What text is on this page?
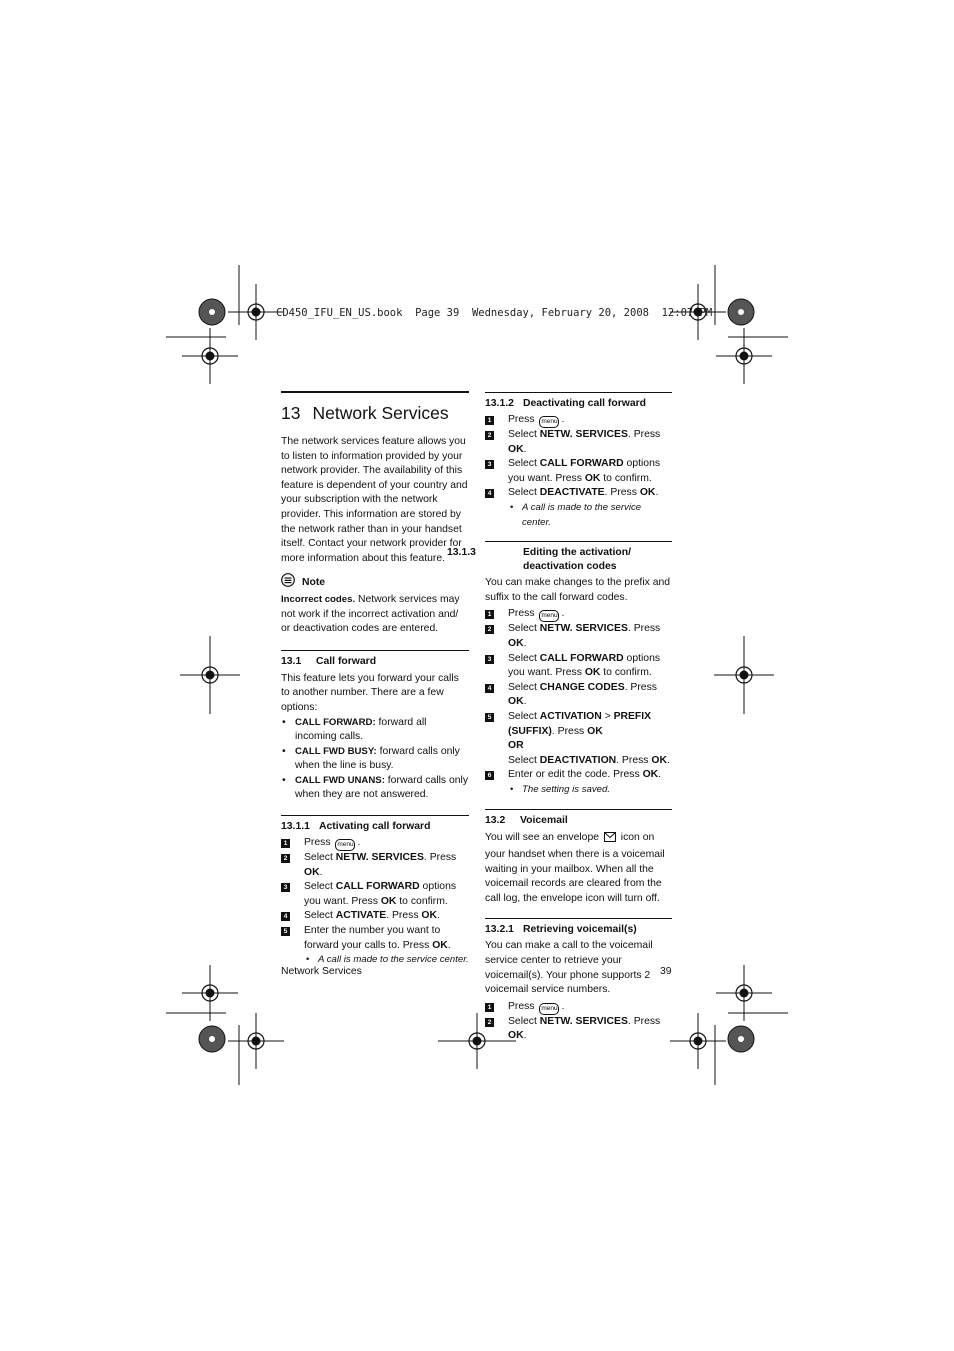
CD450_IFU_EN_US.book  Page 39  Wednesday, February 20, 2008  12:07 PM
13 Network Services

The network services feature allows you to listen to information provided by your network provider. The availability of this feature is dependent of your country and your subscription with the network provider. This information are stored by the network rather than in your handset itself. Contact your network provider for more information about this feature.

Note

Incorrect codes. Network services may not work if the incorrect activation and/ or deactivation codes are entered.

13.1 Call forward

This feature lets you forward your calls to another number. There are a few options:

• CALL FORWARD: forward all incoming calls.
• CALL FWD BUSY: forward calls only when the line is busy.
• CALL FWD UNANS: forward calls only when they are not answered.
13.1.1 Activating call forward
1 Press menu .
2 Select NETW. SERVICES. Press OK.
3 Select CALL FORWARD options you want. Press OK to confirm.
4 Select ACTIVATE. Press OK.
5 Enter the number you want to forward your calls to. Press OK.
• A call is made to the service center.
13.1.2 Deactivating call forward
1 Press menu .
2 Select NETW. SERVICES. Press OK.
3 Select CALL FORWARD options you want. Press OK to confirm.
4 Select DEACTIVATE. Press OK.
• A call is made to the service center.
13.1.3	Editing the activation/ deactivation codes

You can make changes to the prefix and suffix to the call forward codes.

1 Press menu .
2 Select NETW. SERVICES. Press OK.
3 Select CALL FORWARD options you want. Press OK to confirm.
4 Select CHANGE CODES. Press OK.
5 Select ACTIVATION > PREFIX (SUFFIX). Press OK
OR
Select DEACTIVATION. Press OK.
6 Enter or edit the code. Press OK.
• The setting is saved.
13.2 Voicemail

You will see an envelope  icon on your handset when there is a voicemail waiting in your mailbox. When all the voicemail records are cleared from the call log, the envelope icon will turn off.

13.2.1 Retrieving voicemail(s)

You can make a call to the voicemail service center to retrieve your voicemail(s). Your phone supports 2 voicemail service numbers.

1 Press menu .
2 Select NETW. SERVICES. Press OK.
Network Services	39
